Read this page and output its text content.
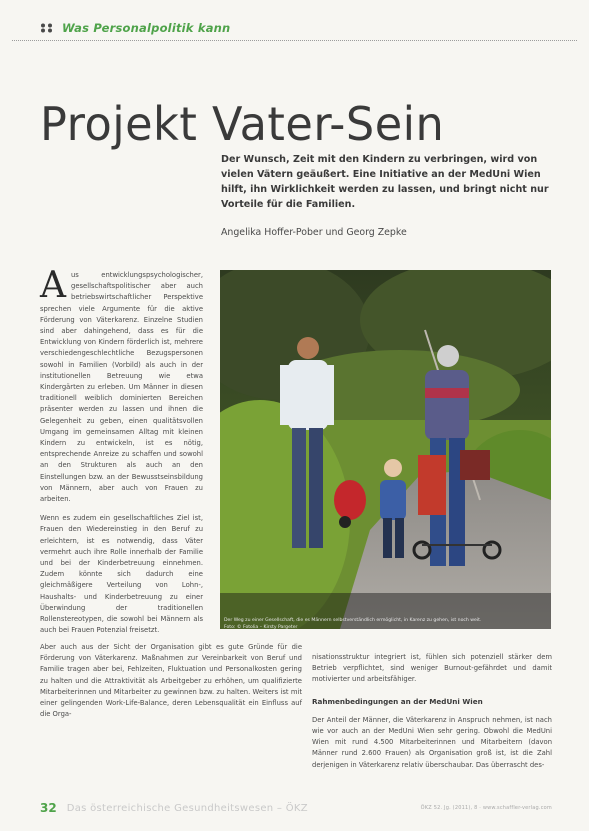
Was Personalpolitik kann
Projekt Vater-Sein
Der Wunsch, Zeit mit den Kindern zu verbringen, wird von vielen Vätern geäußert. Eine Initiative an der MedUni Wien hilft, ihn Wirklichkeit werden zu lassen, und bringt nicht nur Vorteile für die Familien.
Angelika Hoffer-Pober und Georg Zepke

Aus entwicklungspsychologischer, gesellschaftspolitischer aber auch betriebswirtschaftlicher Perspektive sprechen viele Argumente für die aktive Förderung von Väterkarenz. Einzelne Studien sind aber dahingehend, dass es für die Entwicklung von Kindern förderlich ist, mehrere verschiedengeschlechtliche Bezugspersonen sowohl in Familien (Vorbild) als auch in der institutionellen Betreuung wie etwa Kindergärten zu erleben. Um Männer in diesen traditionell weiblich dominierten Bereichen präsenter werden zu lassen und ihnen die Gelegenheit zu geben, einen qualitätsvollen Umgang im gemeinsamen Alltag mit kleinen Kindern zu entwickeln, ist es nötig, entsprechende Anreize zu schaffen und sowohl an den Strukturen als auch an den Einstellungen bzw. an der Bewusstseinsbildung von Männern, aber auch von Frauen zu arbeiten.

Wenn es zudem ein gesellschaftliches Ziel ist, Frauen den Wiedereinstieg in den Beruf zu erleichtern, ist es notwendig, dass Väter vermehrt auch ihre Rolle innerhalb der Familie und bei der Kinderbetreuung einnehmen. Zudem könnte sich dadurch eine gleichmäßigere Verteilung von Lohn-, Haushalts- und Kinderbetreuung zu einer Überwindung der traditionellen Rollenstereotypen, die sowohl bei Männern als auch bei Frauen Potenzial freisetzt.

Der Weg zu einer Gesellschaft, die es Männern selbstverständlich ermöglicht, in Karenz zu gehen, ist noch weit. Foto: © Fotolia – Kirsty Pargeter

Aber auch aus der Sicht der Organisation gibt es gute Gründe für die Förderung von Väterkarenz. Maßnahmen zur Vereinbarkeit von Beruf und Familie tragen aber bei, Fehlzeiten, Fluktuation und Personalkosten gering zu halten und die Attraktivität als Arbeitgeber zu erhöhen, um qualifizierte Mitarbeiterinnen und Mitarbeiter zu gewinnen bzw. zu halten. Weiters ist mit einer gelingenden Work-Life-Balance, deren Lebensqualität ein Einfluss auf die Orga-

nisationsstruktur integriert ist, fühlen sich potenziell stärker dem Betrieb verpflichtet, sind weniger Burnout-gefährdet und damit motivierter und arbeitsfähiger.

Rahmenbedingungen an der MedUni Wien

Der Anteil der Männer, die Väterkarenz in Anspruch nehmen, ist nach wie vor auch an der MedUni Wien sehr gering. Obwohl die MedUni Wien mit rund 4.500 Mitarbeiterinnen und Mitarbeitern (davon Männer rund 2.600 Frauen) als Organisation groß ist, ist die Zahl derjenigen in Väterkarenz relativ überschaubar. Das überrascht des-

32 Das österreichische Gesundheitswesen – ÖKZ	ÖKZ 52. Jg. (2011), 8 · www.schaffler-verlag.com
